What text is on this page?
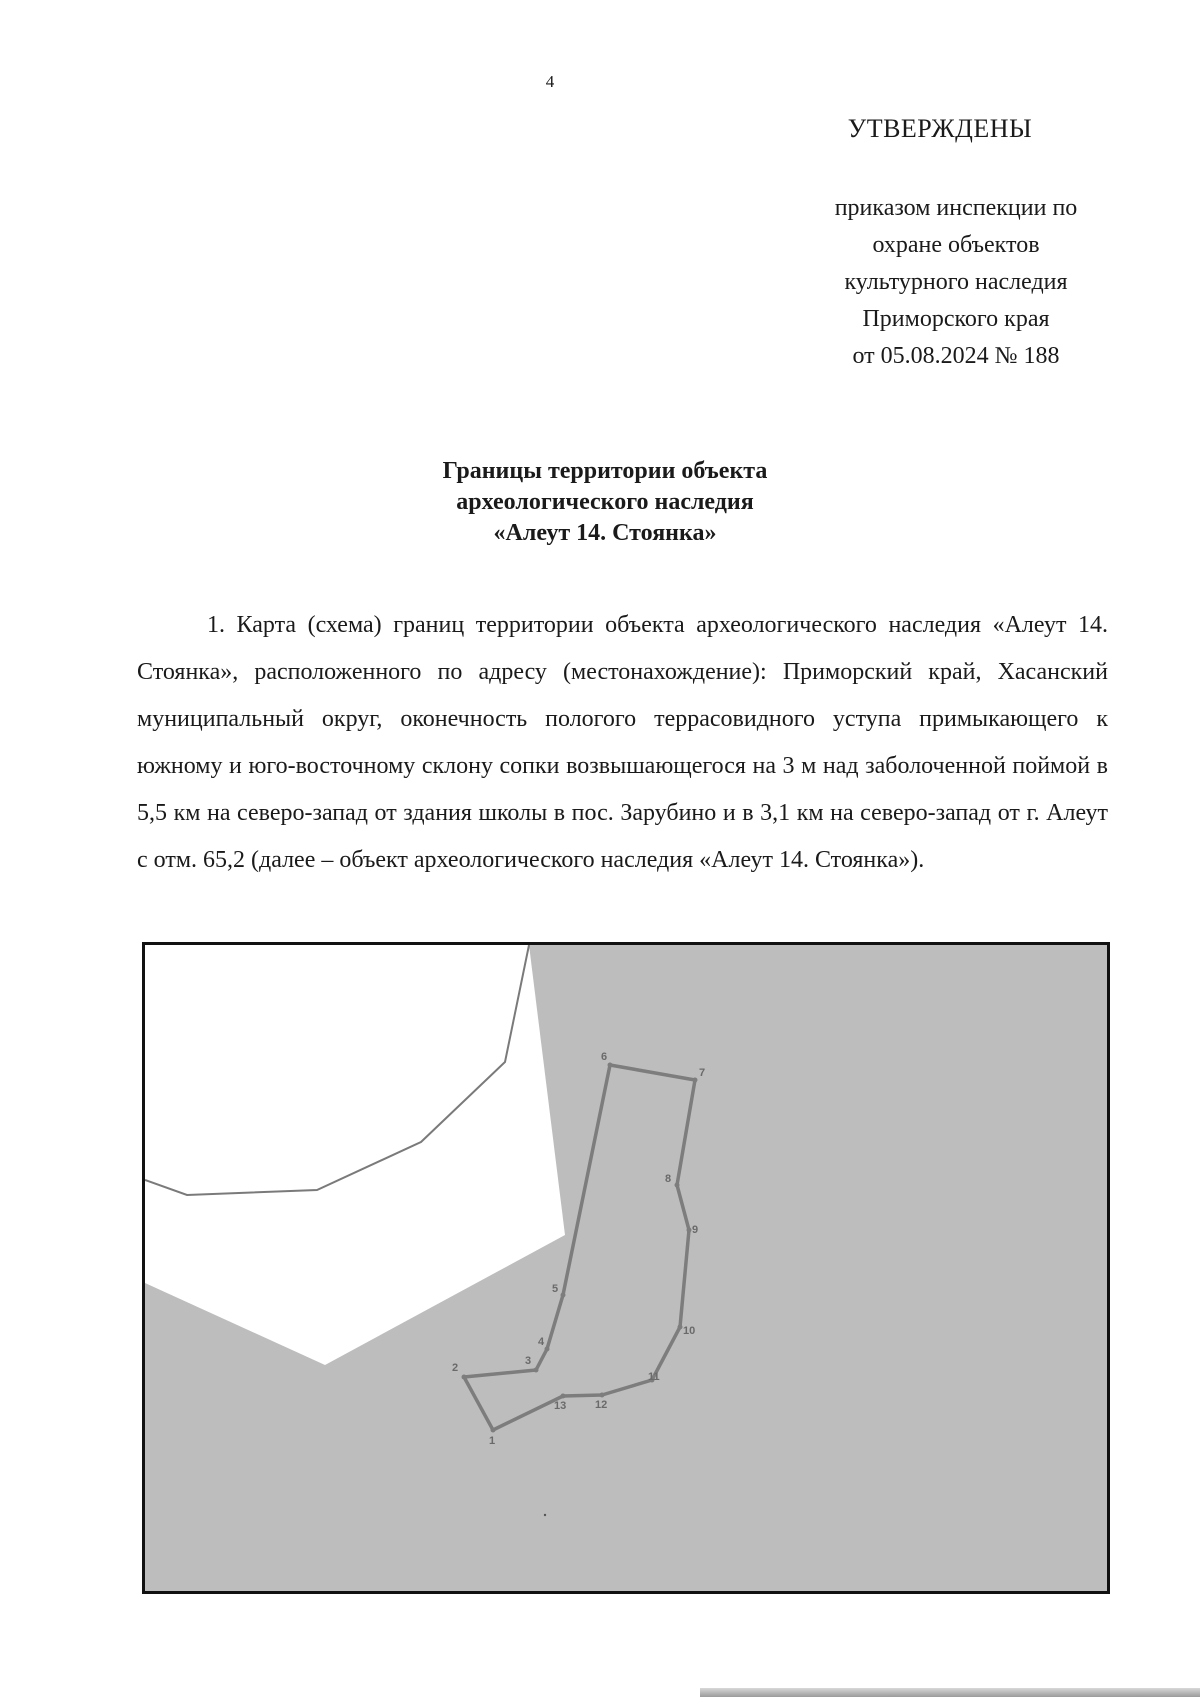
4
УТВЕРЖДЕНЫ
приказом инспекции по
охране объектов
культурного наследия
Приморского края
от 05.08.2024 № 188
Границы территории объекта
археологического наследия
«Алеут 14. Стоянка»

1. Карта (схема) границ территории объекта археологического наследия «Алеут 14. Стоянка», расположенного по адресу (местонахождение): Приморский край, Хасанский муниципальный округ, оконечность пологого террасовидного уступа примыкающего к южному и юго-восточному склону сопки возвышающегося на 3 м над заболоченной поймой в 5,5 км на северо-запад от здания школы в пос. Зарубино и в 3,1 км на северо-запад от г. Алеут с отм. 65,2 (далее – объект археологического наследия «Алеут 14. Стоянка»).

1
2
3
4
5
6
7
8
9
10
11
12
13
